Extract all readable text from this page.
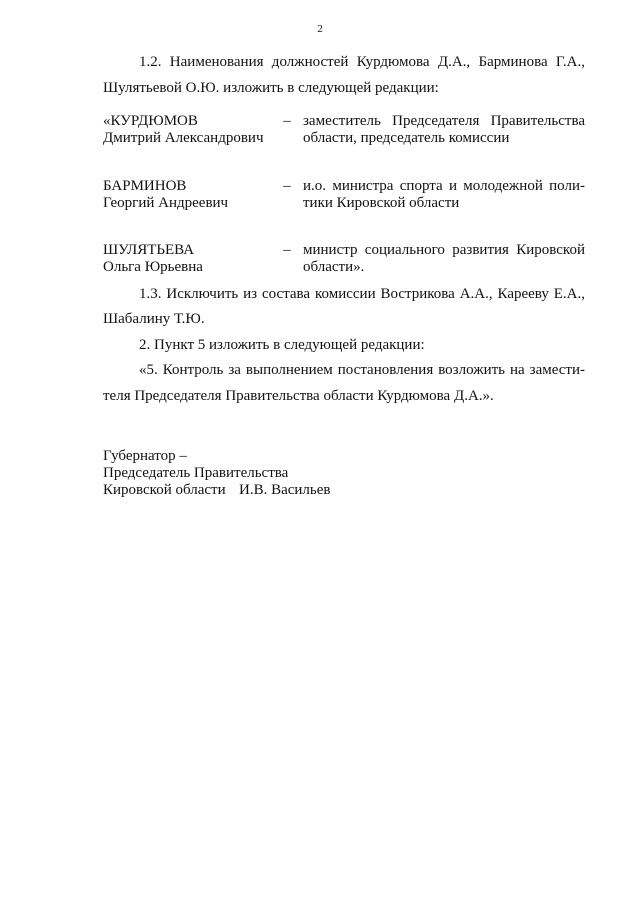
2
1.2. Наименования должностей Курдюмова Д.А., Барминова Г.А.,
Шулятьевой О.Ю. изложить в следующей редакции:
«КУРДЮМОВ
Дмитрий Александрович
– заместитель Председателя Правительства
области, председатель комиссии
БАРМИНОВ
Георгий Андреевич
– и.о. министра спорта и молодежной поли-
тики Кировской области
ШУЛЯТЬЕВА
Ольга Юрьевна
– министр социального развития Кировской
области».
1.3. Исключить из состава комиссии Вострикова А.А., Карееву Е.А.,
Шабалину Т.Ю.
2. Пункт 5 изложить в следующей редакции:
«5. Контроль за выполнением постановления возложить на замести-
теля Председателя Правительства области Курдюмова Д.А.».
Губернатор –
Председатель Правительства
Кировской области И.В. Васильев
